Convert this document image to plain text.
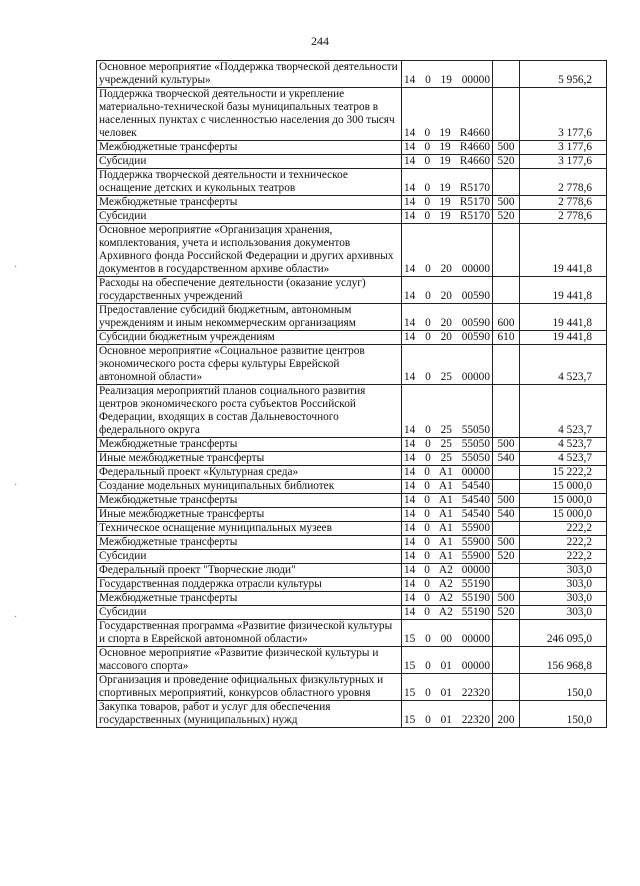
244
·
·
·
Основное мероприятие «Поддержка творческой деятельности учреждений культуры»	14 0 19 00000		5 956,2
Поддержка творческой деятельности и укрепление материально-технической базы муниципальных театров в населенных пунктах с численностью населения до 300 тысяч человек	14 0 19 R4660		3 177,6
Межбюджетные трансферты	14 0 19 R4660	500	3 177,6
Субсидии	14 0 19 R4660	520	3 177,6
Поддержка творческой деятельности и техническое оснащение детских и кукольных театров	14 0 19 R5170		2 778,6
Межбюджетные трансферты	14 0 19 R5170	500	2 778,6
Субсидии	14 0 19 R5170	520	2 778,6
Основное мероприятие «Организация хранения, комплектования, учета и использования документов Архивного фонда Российской Федерации и других архивных документов в государственном архиве области»	14 0 20 00000		19 441,8
Расходы на обеспечение деятельности (оказание услуг) государственных учреждений	14 0 20 00590		19 441,8
Предоставление субсидий бюджетным, автономным учреждениям и иным некоммерческим организациям	14 0 20 00590	600	19 441,8
Субсидии бюджетным учреждениям	14 0 20 00590	610	19 441,8
Основное мероприятие «Социальное развитие центров экономического роста сферы культуры Еврейской автономной области»	14 0 25 00000		4 523,7
Реализация мероприятий планов социального развития центров экономического роста субъектов Российской Федерации, входящих в состав Дальневосточного федерального округа	14 0 25 55050		4 523,7
Межбюджетные трансферты	14 0 25 55050	500	4 523,7
Иные межбюджетные трансферты	14 0 25 55050	540	4 523,7
Федеральный проект «Культурная среда»	14 0 A1 00000		15 222,2
Создание модельных муниципальных библиотек	14 0 A1 54540		15 000,0
Межбюджетные трансферты	14 0 A1 54540	500	15 000,0
Иные межбюджетные трансферты	14 0 A1 54540	540	15 000,0
Техническое оснащение муниципальных музеев	14 0 A1 55900		222,2
Межбюджетные трансферты	14 0 A1 55900	500	222,2
Субсидии	14 0 A1 55900	520	222,2
Федеральный проект "Творческие люди"	14 0 A2 00000		303,0
Государственная поддержка отрасли культуры	14 0 A2 55190		303,0
Межбюджетные трансферты	14 0 A2 55190	500	303,0
Субсидии	14 0 A2 55190	520	303,0
Государственная программа «Развитие физической культуры и спорта в Еврейской автономной области»	15 0 00 00000		246 095,0
Основное мероприятие «Развитие физической культуры и массового спорта»	15 0 01 00000		156 968,8
Организация и проведение официальных физкультурных и спортивных мероприятий, конкурсов областного уровня	15 0 01 22320		150,0
Закупка товаров, работ и услуг для обеспечения государственных (муниципальных) нужд	15 0 01 22320	200	150,0
